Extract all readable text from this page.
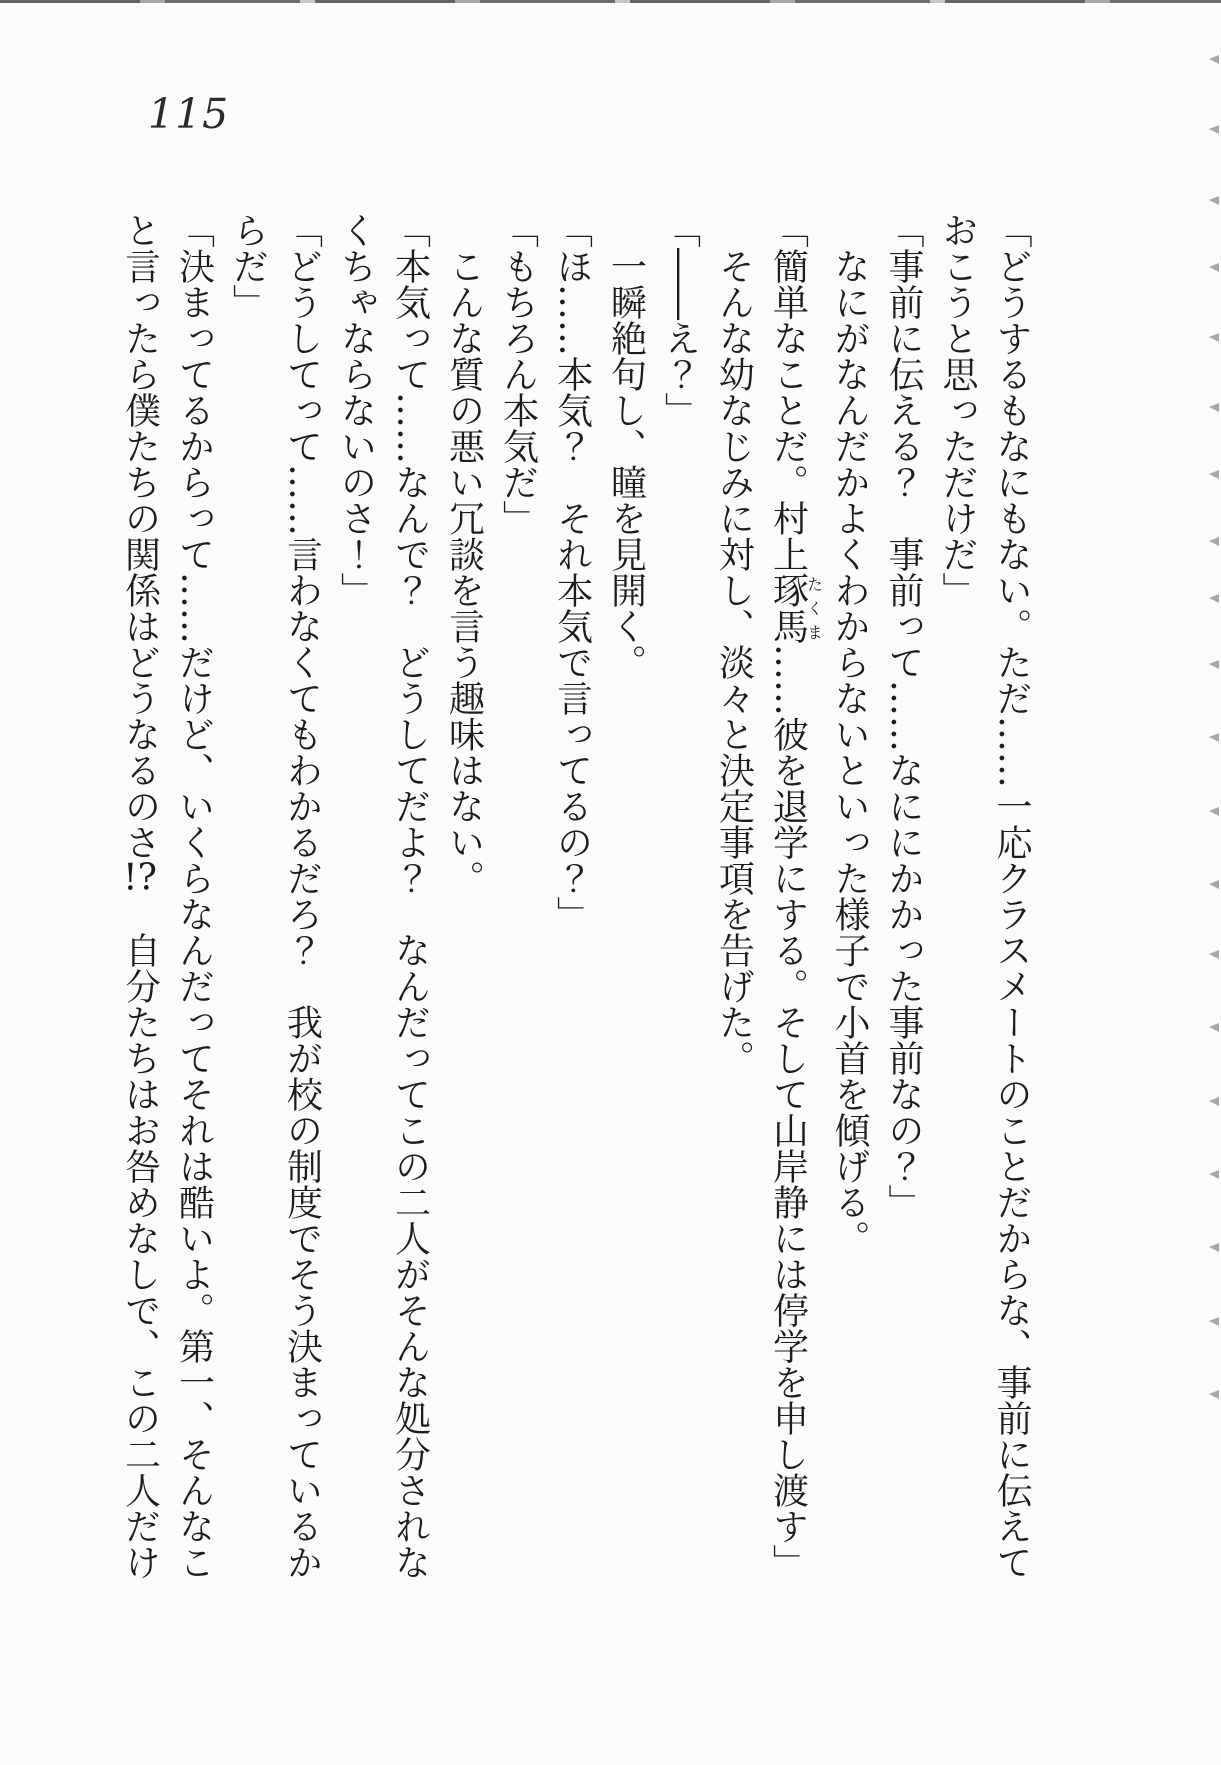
115

「どうするもなにもない。ただ……一応クラスメートのことだからな、事前に伝えておこうと思っただけだ」

「事前に伝える？　事前って……なににかかった事前なの？」

なにがなんだかよくわからないといった様子で小首を傾げる。

「簡単なことだ。村上琢馬たくま……彼を退学にする。そして山岸静には停学を申し渡す」

そんな幼なじみに対し、淡々と決定事項を告げた。

「――え？」

一瞬絶句し、瞳を見開く。

「ほ……本気？　それ本気で言ってるの？」

「もちろん本気だ」

こんな質の悪い冗談を言う趣味はない。

「本気って……なんで？　どうしてだよ？　なんだってこの二人がそんな処分されなくちゃならないのさ！」

「どうしてって……言わなくてもわかるだろ？　我が校の制度でそう決まっているからだ」

「決まってるからって……だけど、いくらなんだってそれは酷いよ。第一、そんなこと言ったら僕たちの関係はどうなるのさ!?　自分たちはお咎めなしで、この二人だけ
